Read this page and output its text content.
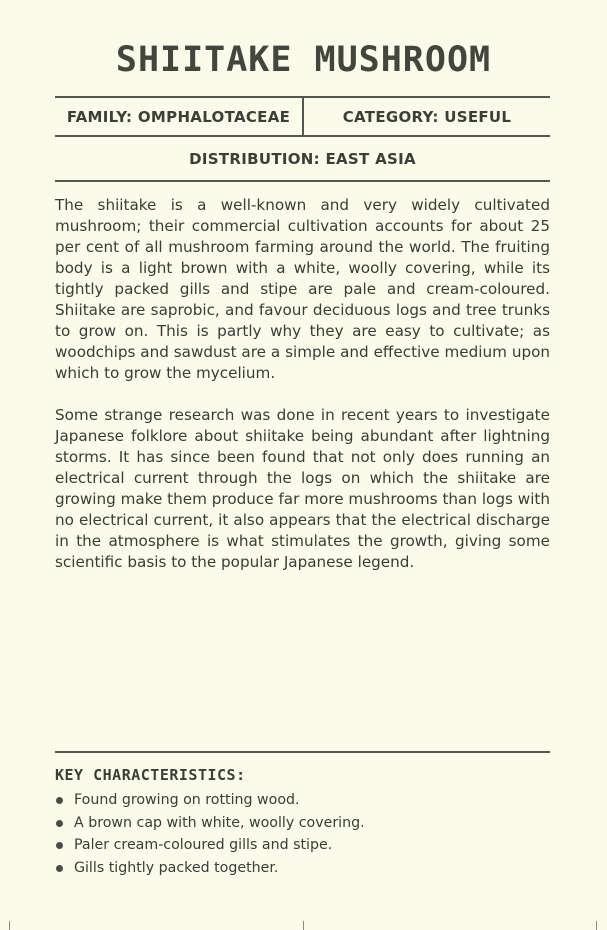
SHIITAKE MUSHROOM
FAMILY: OMPHALOTACEAE	CATEGORY: USEFUL
DISTRIBUTION: EAST ASIA

The shiitake is a well-known and very widely cultivated mushroom; their commercial cultivation accounts for about 25 per cent of all mushroom farming around the world. The fruiting body is a light brown with a white, woolly covering, while its tightly packed gills and stipe are pale and cream-coloured. Shiitake are saprobic, and favour deciduous logs and tree trunks to grow on. This is partly why they are easy to cultivate; as woodchips and sawdust are a simple and effective medium upon which to grow the mycelium.

Some strange research was done in recent years to investigate Japanese folklore about shiitake being abundant after lightning storms. It has since been found that not only does running an electrical current through the logs on which the shiitake are growing make them produce far more mushrooms than logs with no electrical current, it also appears that the electrical discharge in the atmosphere is what stimulates the growth, giving some scientific basis to the popular Japanese legend.

KEY CHARACTERISTICS:
Found growing on rotting wood.
A brown cap with white, woolly covering.
Paler cream-coloured gills and stipe.
Gills tightly packed together.
